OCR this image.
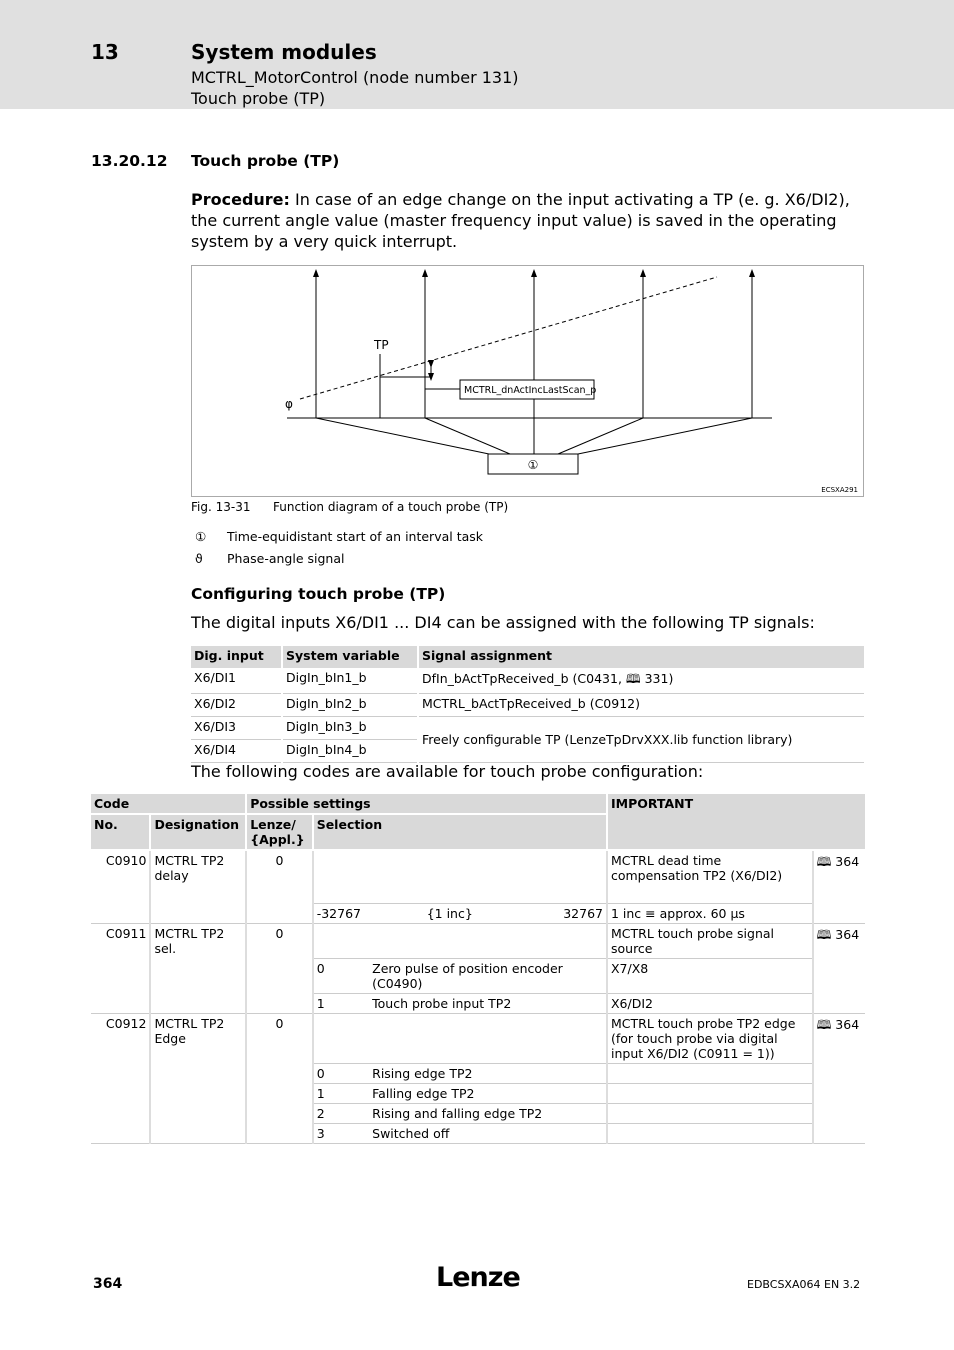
13	System modules
MCTRL_MotorControl (node number 131)
Touch probe (TP)
13.20.12 Touch probe (TP)
Procedure: In case of an edge change on the input activating a TP (e. g. X6/DI2), the current angle value (master frequency input value) is saved in the operating system by a very quick interrupt.
MCTRL_dnActIncLastScan_p
TP
φ
①
ECSXA291
Fig. 13-31 Function diagram of a touch probe (TP)
① Time-equidistant start of an interval task
ϑ Phase-angle signal
Configuring touch probe (TP)
The digital inputs X6/DI1 ... DI4 can be assigned with the following TP signals:
Dig. input	System variable	Signal assignment
X6/DI1	DigIn_bIn1_b	DfIn_bActTpReceived_b (C0431, 🕮 331)
X6/DI2	DigIn_bIn2_b	MCTRL_bActTpReceived_b (C0912)
X6/DI3	DigIn_bIn3_b	Freely configurable TP (LenzeTpDrvXXX.lib function library)
X6/DI4	DigIn_bIn4_b	
The following codes are available for touch probe configuration:
Code		Possible settings				IMPORTANT	
No.	Designation	Lenze/ {Appl.}	Selection				
C0910	MCTRL TP2 delay	0				MCTRL dead time compensation TP2 (X6/DI2)	🕮 364
			-32767	{1 inc}	32767	1 inc ≡ approx. 60 µs	
C0911	MCTRL TP2 sel.	0				MCTRL touch probe signal source	🕮 364
			0	Zero pulse of position encoder (C0490)		X7/X8	
			1	Touch probe input TP2		X6/DI2	
C0912	MCTRL TP2 Edge	0				MCTRL touch probe TP2 edge (for touch probe via digital input X6/DI2 (C0911 = 1))	🕮 364
			0	Rising edge TP2			
			1	Falling edge TP2			
			2	Rising and falling edge TP2			
			3	Switched off			
364	Lenze	EDBCSXA064 EN 3.2
